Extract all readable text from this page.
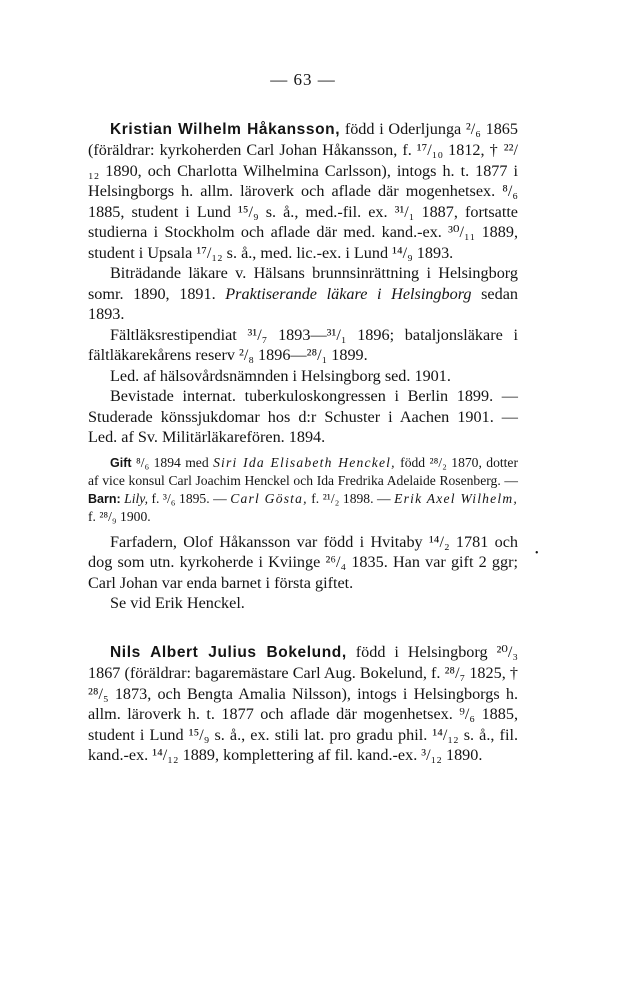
— 63 —

Kristian Wilhelm Håkansson, född i Oderljunga ²/₆ 1865 (föräldrar: kyrkoherden Carl Johan Håkansson, f. ¹⁷/₁₀ 1812, † ²²/₁₂ 1890, och Charlotta Wilhelmina Carlsson), intogs h. t. 1877 i Helsingborgs h. allm. läroverk och aflade där mogenhetsex. ⁸/₆ 1885, student i Lund ¹⁵/₉ s. å., med.-fil. ex. ³¹/₁ 1887, fortsatte studierna i Stockholm och aflade där med. kand.-ex. ³⁰/₁₁ 1889, student i Upsala ¹⁷/₁₂ s. å., med. lic.-ex. i Lund ¹⁴/₉ 1893.

Biträdande läkare v. Hälsans brunnsinrättning i Helsingborg somr. 1890, 1891. Praktiserande läkare i Helsingborg sedan 1893.

Fältläksrestipendiat ³¹/₇ 1893—³¹/₁ 1896; bataljonsläkare i fältläkarekårens reserv ²/₈ 1896—²⁸/₁ 1899.

Led. af hälsovårdsnämnden i Helsingborg sed. 1901.

Bevistade internat. tuberkuloskongressen i Berlin 1899. — Studerade könssjukdomar hos d:r Schuster i Aachen 1901. — Led. af Sv. Militärläkarefören. 1894.

Gift ⁸/₆ 1894 med Siri Ida Elisabeth Henckel, född ²⁸/₂ 1870, dotter af vice konsul Carl Joachim Henckel och Ida Fredrika Adelaide Rosenberg. — Barn: Lily, f. ³/₆ 1895. — Carl Gösta, f. ²¹/₂ 1898. — Erik Axel Wilhelm, f. ²⁸/₉ 1900.

Farfadern, Olof Håkansson var född i Hvitaby ¹⁴/₂ 1781 och dog som utn. kyrkoherde i Kviinge ²⁶/₄ 1835. Han var gift 2 ggr; Carl Johan var enda barnet i första giftet.

Se vid Erik Henckel.

Nils Albert Julius Bokelund, född i Helsingborg ²⁰/₃ 1867 (föräldrar: bagaremästare Carl Aug. Bokelund, f. ²⁸/₇ 1825, † ²⁸/₅ 1873, och Bengta Amalia Nilsson), intogs i Helsingborgs h. allm. läroverk h. t. 1877 och aflade där mogenhetsex. ⁹/₆ 1885, student i Lund ¹⁵/₉ s. å., ex. stili lat. pro gradu phil. ¹⁴/₁₂ s. å., fil. kand.-ex. ¹⁴/₁₂ 1889, komplettering af fil. kand.-ex. ³/₁₂ 1890.

•
